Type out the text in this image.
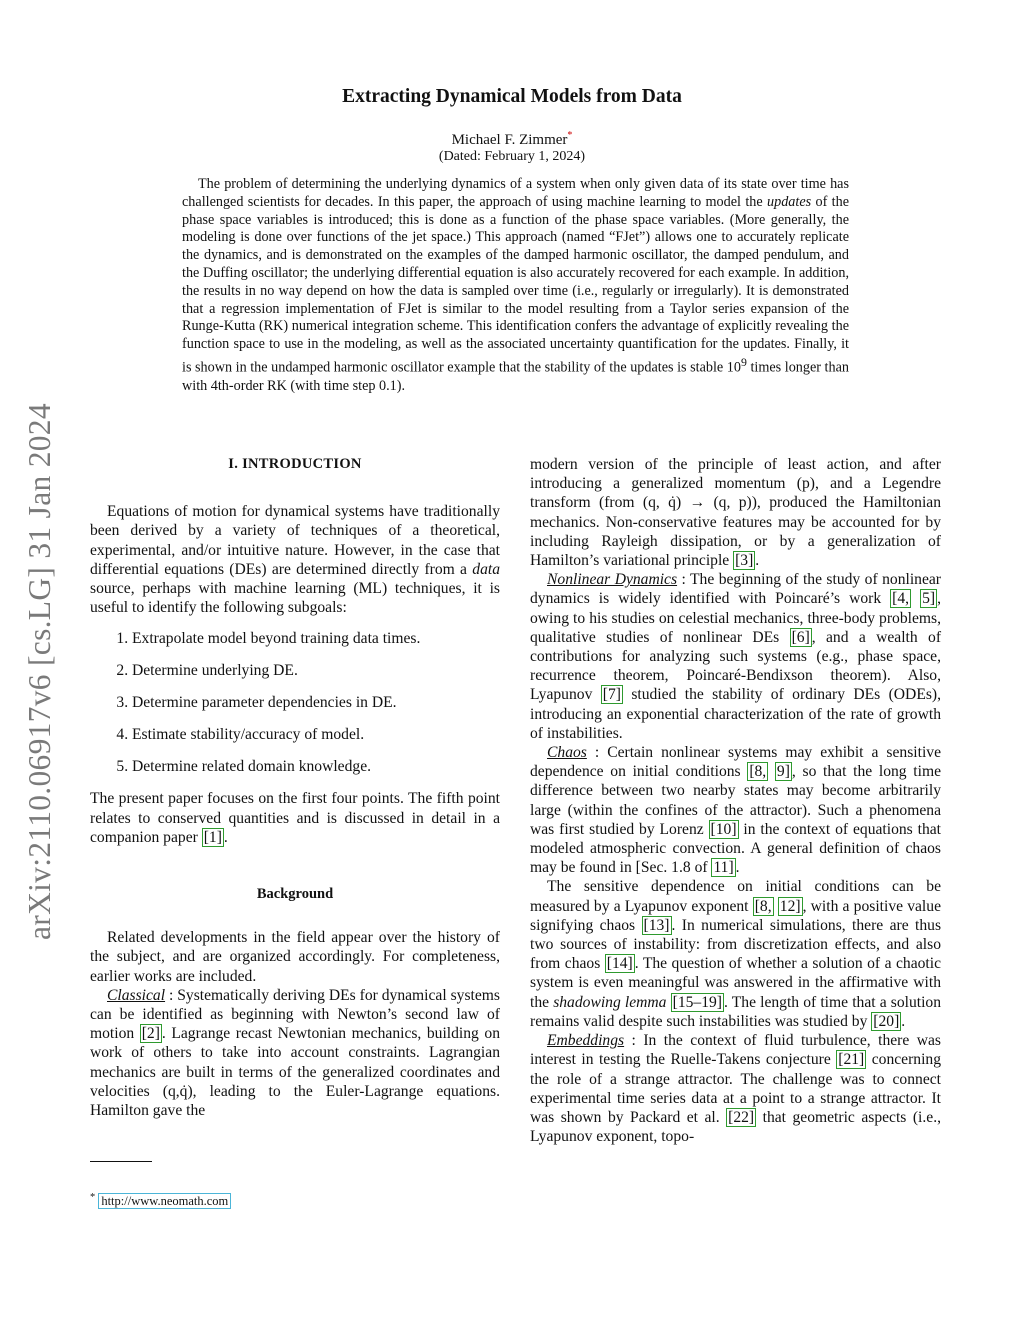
arXiv:2110.06917v6 [cs.LG] 31 Jan 2024
Extracting Dynamical Models from Data
Michael F. Zimmer*
(Dated: February 1, 2024)
The problem of determining the underlying dynamics of a system when only given data of its state over time has challenged scientists for decades. In this paper, the approach of using machine learning to model the updates of the phase space variables is introduced; this is done as a function of the phase space variables. (More generally, the modeling is done over functions of the jet space.) This approach (named “FJet”) allows one to accurately replicate the dynamics, and is demonstrated on the examples of the damped harmonic oscillator, the damped pendulum, and the Duffing oscillator; the underlying differential equation is also accurately recovered for each example. In addition, the results in no way depend on how the data is sampled over time (i.e., regularly or irregularly). It is demonstrated that a regression implementation of FJet is similar to the model resulting from a Taylor series expansion of the Runge-Kutta (RK) numerical integration scheme. This identification confers the advantage of explicitly revealing the function space to use in the modeling, as well as the associated uncertainty quantification for the updates. Finally, it is shown in the undamped harmonic oscillator example that the stability of the updates is stable $10^9$ times longer than with 4th-order RK (with time step 0.1).
I. INTRODUCTION

Equations of motion for dynamical systems have traditionally been derived by a variety of techniques of a theoretical, experimental, and/or intuitive nature. However, in the case that differential equations (DEs) are determined directly from a data source, perhaps with machine learning (ML) techniques, it is useful to identify the following subgoals:

1. Extrapolate model beyond training data times.
2. Determine underlying DE.
3. Determine parameter dependencies in DE.
4. Estimate stability/accuracy of model.
5. Determine related domain knowledge.

The present paper focuses on the first four points. The fifth point relates to conserved quantities and is discussed in detail in a companion paper [1] .

Background

Related developments in the field appear over the history of the subject, and are organized accordingly. For completeness, earlier works are included.

Classical : Systematically deriving DEs for dynamical systems can be identified as beginning with Newton’s second law of motion [2] . Lagrange recast Newtonian mechanics, building on work of others to take into account constraints. Lagrangian mechanics are built in terms of the generalized coordinates and velocities (q,q̇), leading to the Euler-Lagrange equations. Hamilton gave the

modern version of the principle of least action, and after introducing a generalized momentum (p), and a Legendre transform (from (q, q̇) → (q, p)), produced the Hamiltonian mechanics. Non-conservative features may be accounted for by including Rayleigh dissipation, or by a generalization of Hamilton’s variational principle [3] .

Nonlinear Dynamics : The beginning of the study of nonlinear dynamics is widely identified with Poincaré’s work [4, 5] , owing to his studies on celestial mechanics, three-body problems, qualitative studies of nonlinear DEs [6] , and a wealth of contributions for analyzing such systems (e.g., phase space, recurrence theorem, Poincaré-Bendixson theorem). Also, Lyapunov [7] studied the stability of ordinary DEs (ODEs), introducing an exponential characterization of the rate of growth of instabilities.

Chaos : Certain nonlinear systems may exhibit a sensitive dependence on initial conditions [8, 9] , so that the long time difference between two nearby states may become arbitrarily large (within the confines of the attractor). Such a phenomena was first studied by Lorenz [10] in the context of equations that modeled atmospheric convection. A general definition of chaos may be found in [Sec. 1.8 of 11] .

The sensitive dependence on initial conditions can be measured by a Lyapunov exponent [8, 12] , with a positive value signifying chaos [13] . In numerical simulations, there are thus two sources of instability: from discretization effects, and also from chaos [14] . The question of whether a solution of a chaotic system is even meaningful was answered in the affirmative with the shadowing lemma [15–19] . The length of time that a solution remains valid despite such instabilities was studied by [20] .

Embeddings : In the context of fluid turbulence, there was interest in testing the Ruelle-Takens conjecture [21] concerning the role of a strange attractor. The challenge was to connect experimental time series data at a point to a strange attractor. It was shown by Packard et al. [22] that geometric aspects (i.e., Lyapunov exponent, topo-

* http://www.neomath.com
